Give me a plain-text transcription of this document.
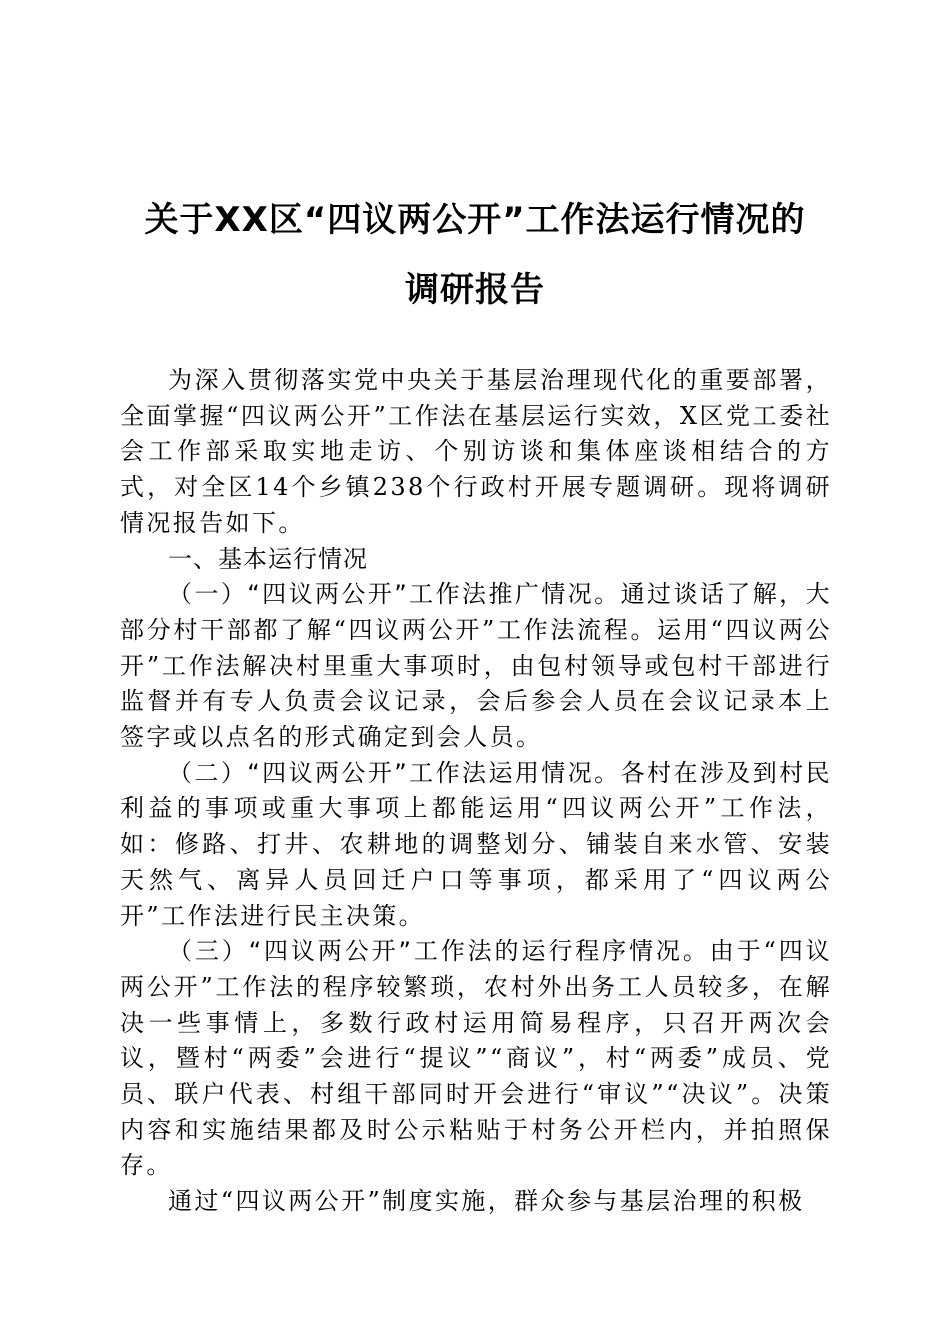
关于XX区“四议两公开”工作法运行情况的
调研报告

为深入贯彻落实党中央关于基层治理现代化的重要部署，全面掌握“四议两公开”工作法在基层运行实效，X区党工委社会工作部采取实地走访、个别访谈和集体座谈相结合的方式，对全区14个乡镇238个行政村开展专题调研。现将调研情况报告如下。

一、基本运行情况

（一）“四议两公开”工作法推广情况。通过谈话了解，大部分村干部都了解“四议两公开”工作法流程。运用“四议两公开”工作法解决村里重大事项时，由包村领导或包村干部进行监督并有专人负责会议记录，会后参会人员在会议记录本上签字或以点名的形式确定到会人员。

（二）“四议两公开”工作法运用情况。各村在涉及到村民利益的事项或重大事项上都能运用“四议两公开”工作法，如：修路、打井、农耕地的调整划分、铺装自来水管、安装天然气、离异人员回迁户口等事项，都采用了“四议两公开”工作法进行民主决策。

（三）“四议两公开”工作法的运行程序情况。由于“四议两公开”工作法的程序较繁琐，农村外出务工人员较多，在解决一些事情上，多数行政村运用简易程序，只召开两次会议，暨村“两委”会进行“提议”“商议”，村“两委”成员、党员、联户代表、村组干部同时开会进行“审议”“决议”。决策内容和实施结果都及时公示粘贴于村务公开栏内，并拍照保存。

通过“四议两公开”制度实施，群众参与基层治理的积极
